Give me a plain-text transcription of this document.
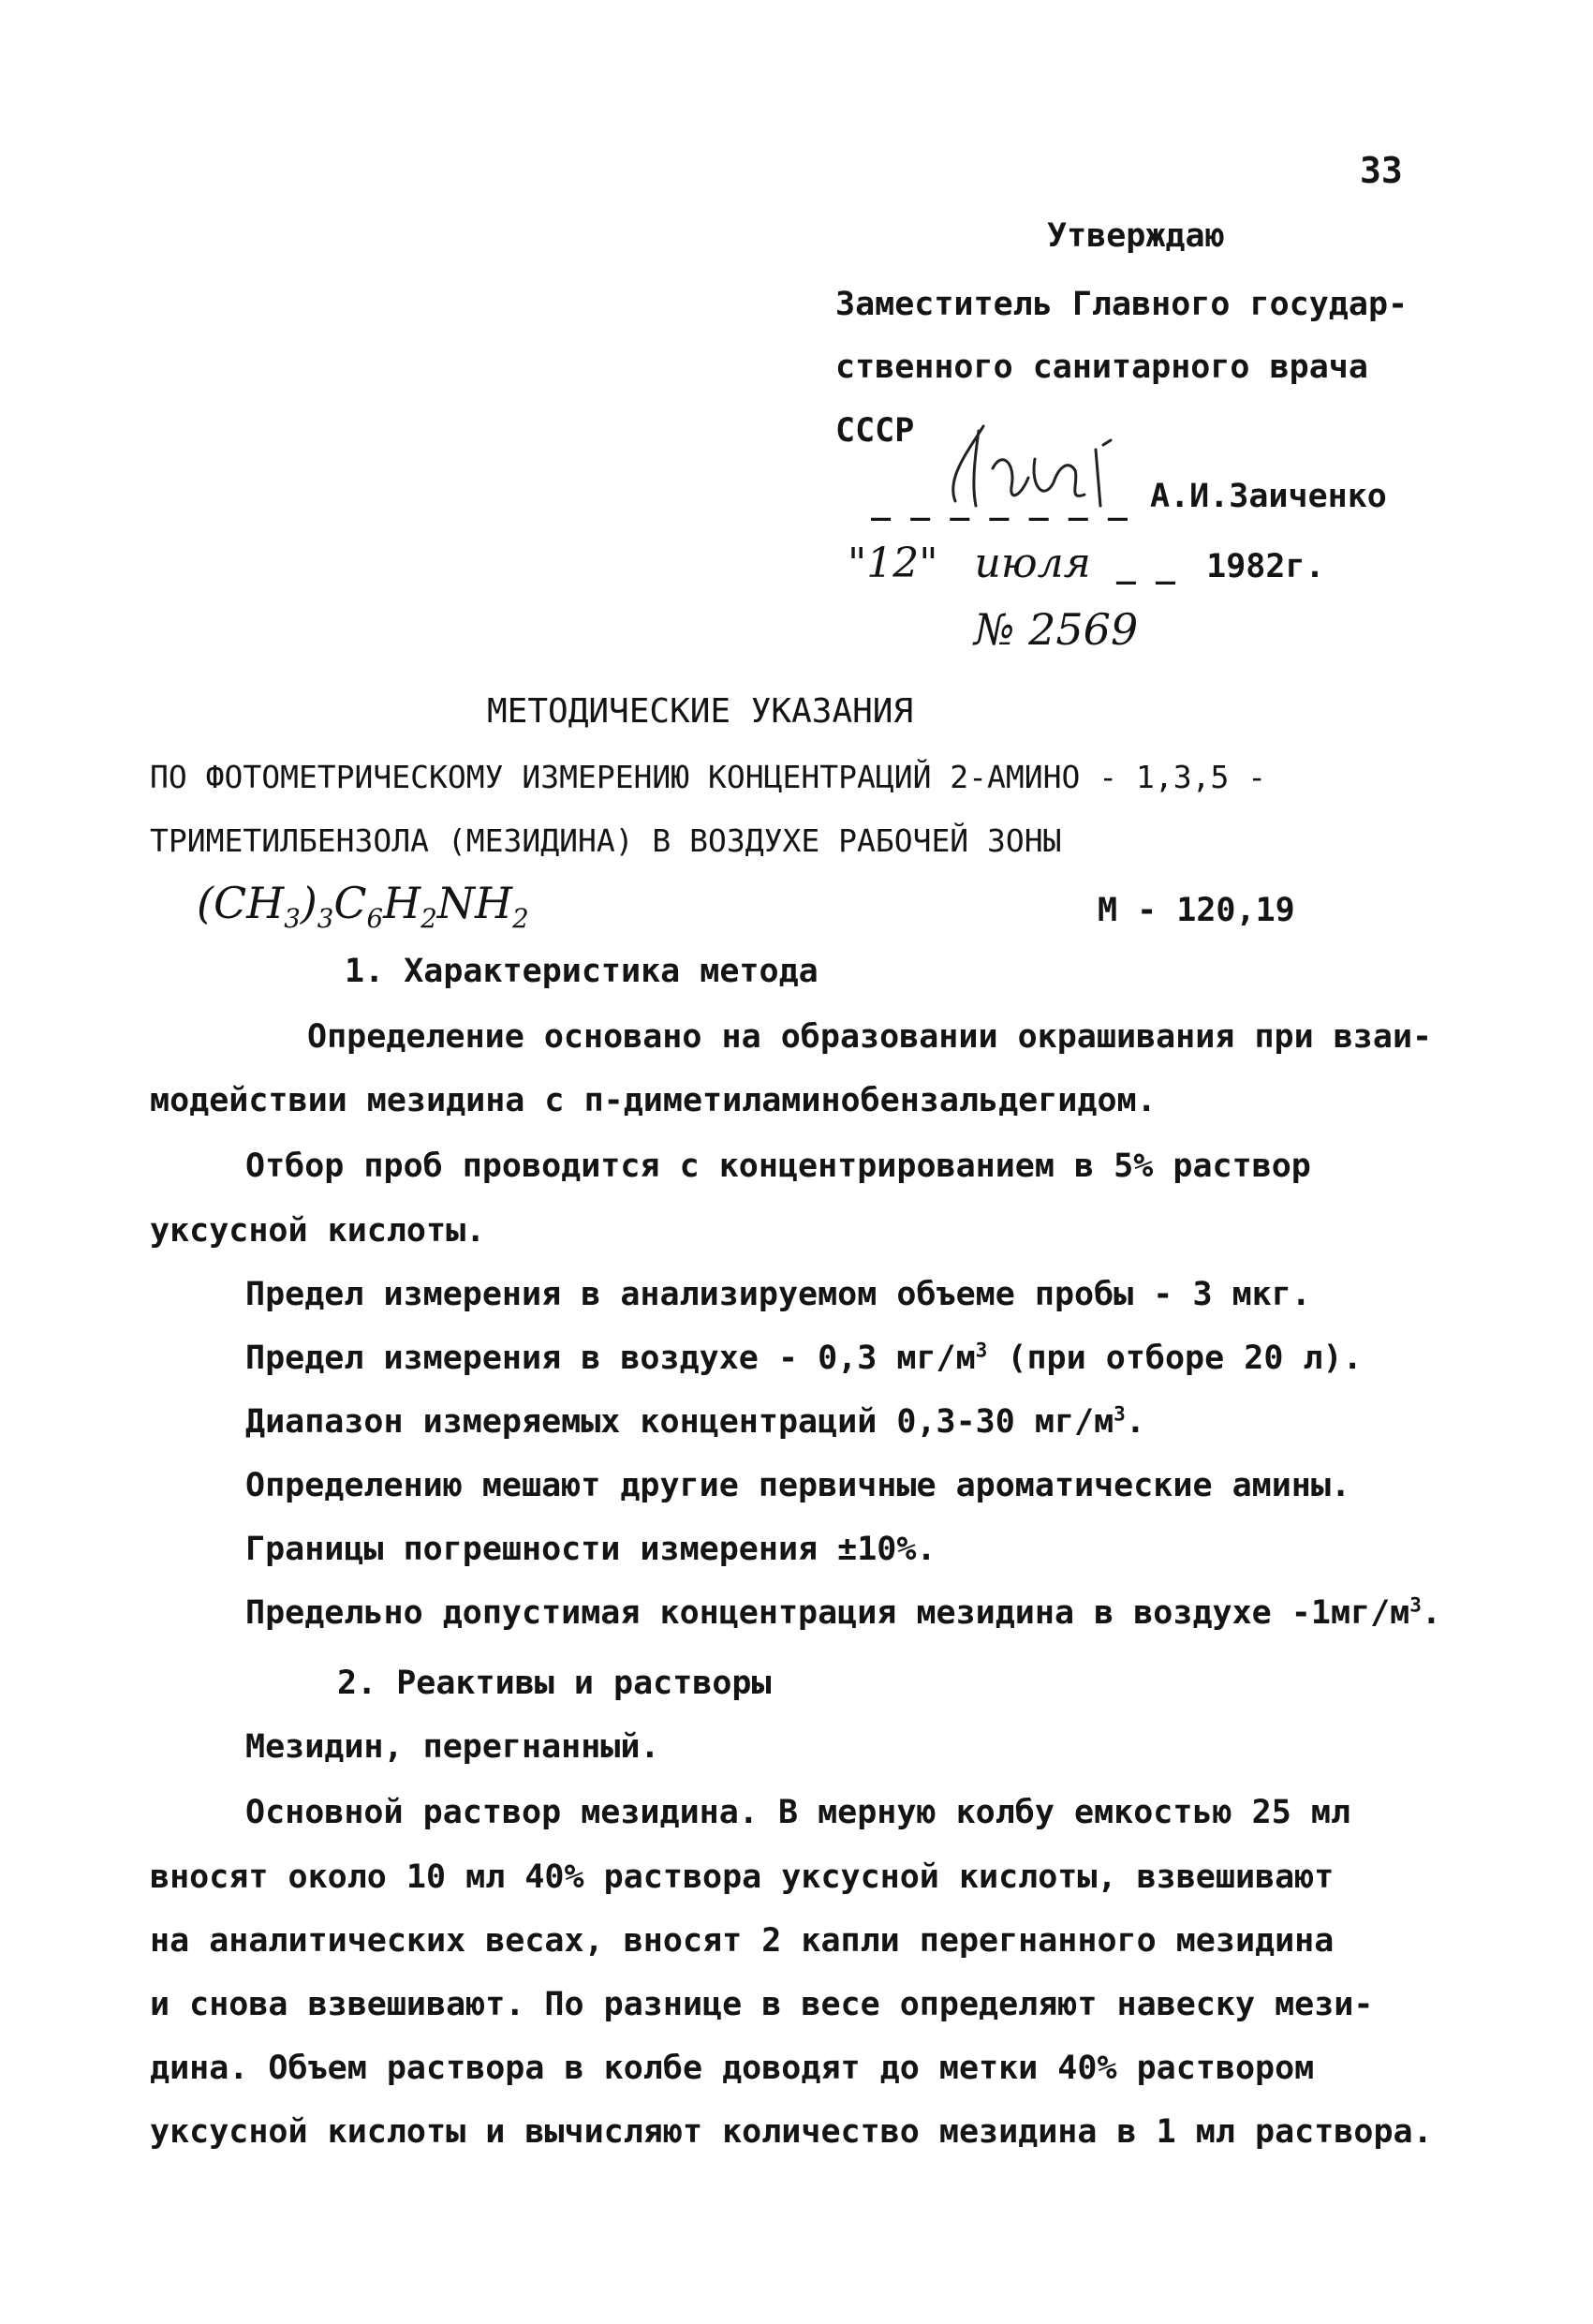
33
Утверждаю
Заместитель Главного государ-
ственного санитарного врача
СССР
_ _ _ _ _ _ _ А.И.Заиченко
"12" июля _ _ 1982г.
№ 2569
МЕТОДИЧЕСКИЕ УКАЗАНИЯ
ПО ФОТОМЕТРИЧЕСКОМУ ИЗМЕРЕНИЮ КОНЦЕНТРАЦИЙ 2-АМИНО - 1,3,5 -
ТРИМЕТИЛБЕНЗОЛА (МЕЗИДИНА) В ВОЗДУХЕ РАБОЧЕЙ ЗОНЫ
$(CH_3)_3C_6H_2NH_2$	М - 120,19
1. Характеристика метода
Определение основано на образовании окрашивания при взаи-
модействии мезидина с п-диметиламинобензальдегидом.
Отбор проб проводится с концентрированием в 5% раствор
уксусной кислоты.
Предел измерения в анализируемом объеме пробы - 3 мкг.
Предел измерения в воздухе - 0,3 $мг/м^3$ (при отборе 20 л).
Диапазон измеряемых концентраций 0,3-30 $мг/м^3$.
Определению мешают другие первичные ароматические амины.
Границы погрешности измерения ±10%.
Предельно допустимая концентрация мезидина в воздухе $-1мг/м^3$.
2. Реактивы и растворы
Мезидин, перегнанный.
Основной раствор мезидина. В мерную колбу емкостью 25 мл
вносят около 10 мл 40% раствора уксусной кислоты, взвешивают
на аналитических весах, вносят 2 капли перегнанного мезидина
и снова взвешивают. По разнице в весе определяют навеску мези-
дина. Объем раствора в колбе доводят до метки 40% раствором
уксусной кислоты и вычисляют количество мезидина в 1 мл раствора.
